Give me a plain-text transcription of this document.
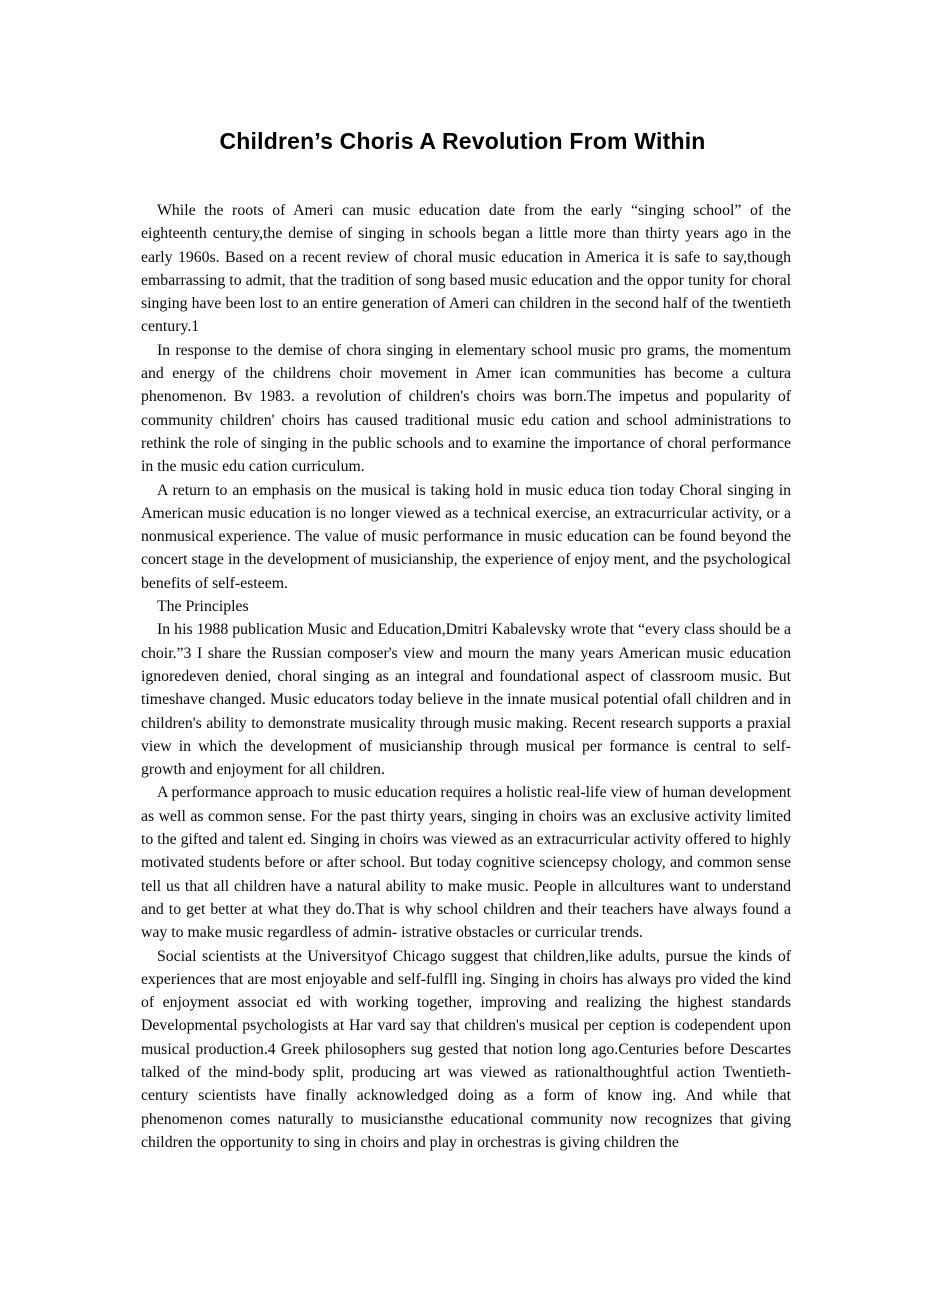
Children’s Choris A Revolution From Within

While the roots of Ameri can music education date from the early “singing school” of the eighteenth century,the demise of singing in schools began a little more than thirty years ago in the early 1960s. Based on a recent review of choral music education in America it is safe to say,though embarrassing to admit, that the tradition of song based music education and the oppor tunity for choral singing have been lost to an entire generation of Ameri can children in the second half of the twentieth century.1

In response to the demise of chora singing in elementary school music pro grams, the momentum and energy of the childrens choir movement in Amer ican communities has become a cultura phenomenon. Bv 1983. a revolution of children's choirs was born.The impetus and popularity of community children' choirs has caused traditional music edu cation and school administrations to rethink the role of singing in the public schools and to examine the importance of choral performance in the music edu cation curriculum.

A return to an emphasis on the musical is taking hold in music educa tion today Choral singing in American music education is no longer viewed as a technical exercise, an extracurricular activity, or a nonmusical experience. The value of music performance in music education can be found beyond the concert stage in the development of musicianship, the experience of enjoy ment, and the psychological benefits of self-esteem.

The Principles

In his 1988 publication Music and Education,Dmitri Kabalevsky wrote that “every class should be a choir.”3 I share the Russian composer's view and mourn the many years American music education ignoredeven denied, choral singing as an integral and foundational aspect of classroom music. But timeshave changed. Music educators today believe in the innate musical potential ofall children and in children's ability to demonstrate musicality through music making. Recent research supports a praxial view in which the development of musicianship through musical per formance is central to self-growth and enjoyment for all children.

A performance approach to music education requires a holistic real-life view of human development as well as common sense. For the past thirty years, singing in choirs was an exclusive activity limited to the gifted and talent ed. Singing in choirs was viewed as an extracurricular activity offered to highly motivated students before or after school. But today cognitive sciencepsy chology, and common sense tell us that all children have a natural ability to make music. People in allcultures want to understand and to get better at what they do.That is why school children and their teachers have always found a way to make music regardless of admin- istrative obstacles or curricular trends.

Social scientists at the Universityof Chicago suggest that children,like adults, pursue the kinds of experiences that are most enjoyable and self-fulfll ing. Singing in choirs has always pro vided the kind of enjoyment associat ed with working together, improving and realizing the highest standards Developmental psychologists at Har vard say that children's musical per ception is codependent upon musical production.4 Greek philosophers sug gested that notion long ago.Centuries before Descartes talked of the mind-body split, producing art was viewed as rationalthoughtful action Twentieth-century scientists have finally acknowledged doing as a form of know ing. And while that phenomenon comes naturally to musiciansthe educational community now recognizes that giving children the opportunity to sing in choirs and play in orchestras is giving children the
